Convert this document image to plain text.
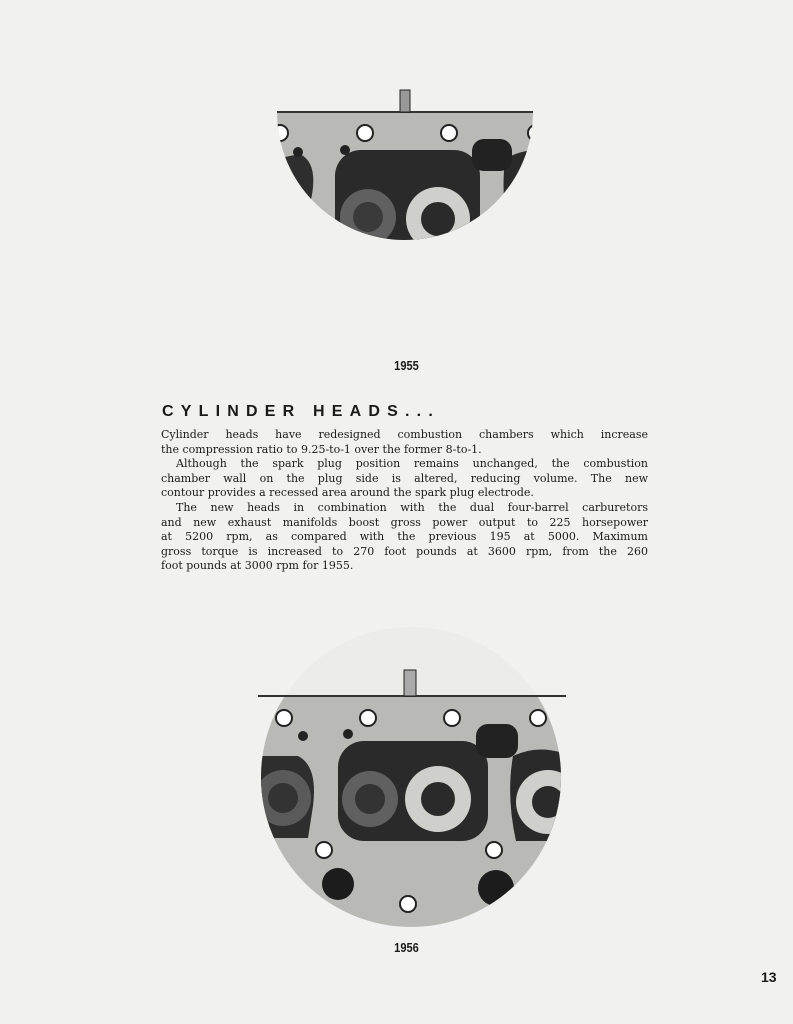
1955
1956
CYLINDER HEADS...
Cylinder heads have redesigned combustion chambers which increase
the compression ratio to 9.25-to-1 over the former 8-to-1.
Although the spark plug position remains unchanged, the combustion
chamber wall on the plug side is altered, reducing volume. The new
contour provides a recessed area around the spark plug electrode.
The new heads in combination with the dual four-barrel carburetors
and new exhaust manifolds boost gross power output to 225 horsepower
at 5200 rpm, as compared with the previous 195 at 5000. Maximum
gross torque is increased to 270 foot pounds at 3600 rpm, from the 260
foot pounds at 3000 rpm for 1955.
13
